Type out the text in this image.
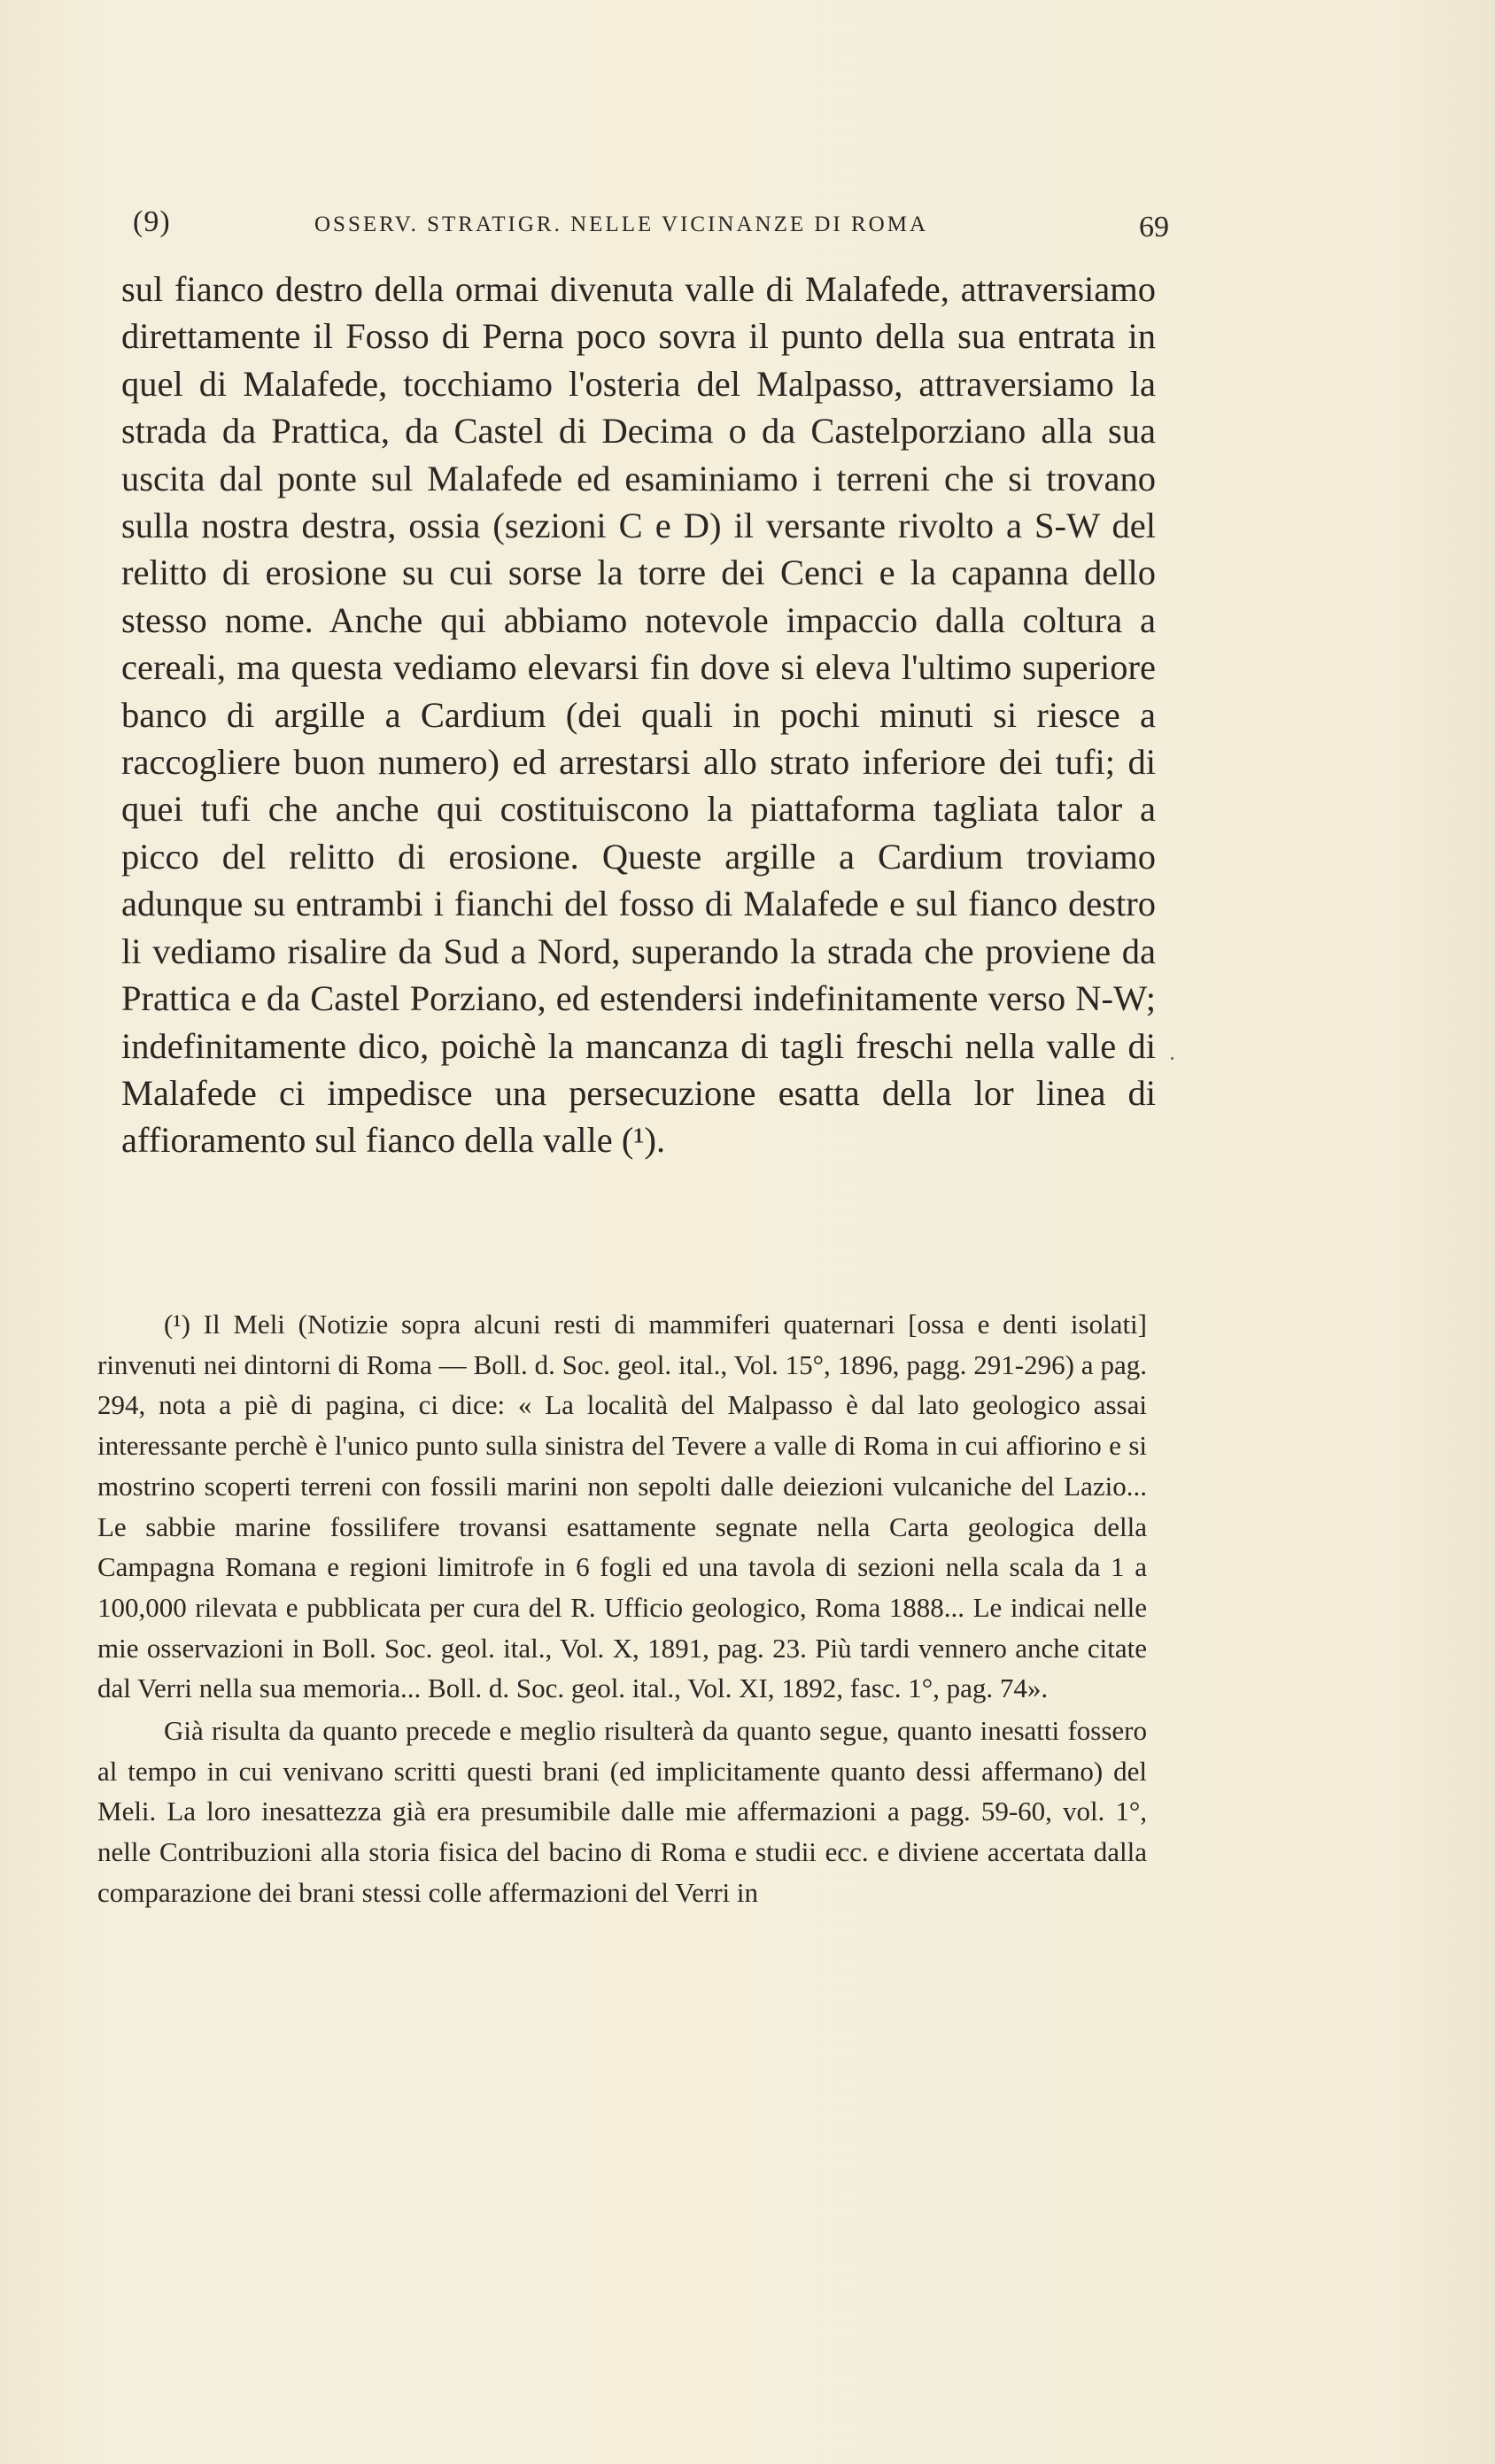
(9)	OSSERV. STRATIGR. NELLE VICINANZE DI ROMA	69

sul fianco destro della ormai divenuta valle di Malafede, attraversiamo direttamente il Fosso di Perna poco sovra il punto della sua entrata in quel di Malafede, tocchiamo l'osteria del Malpasso, attraversiamo la strada da Prattica, da Castel di Decima o da Castelporziano alla sua uscita dal ponte sul Malafede ed esaminiamo i terreni che si trovano sulla nostra destra, ossia (sezioni C e D) il versante rivolto a S-W del relitto di erosione su cui sorse la torre dei Cenci e la capanna dello stesso nome. Anche qui abbiamo notevole impaccio dalla coltura a cereali, ma questa vediamo elevarsi fin dove si eleva l'ultimo superiore banco di argille a Cardium (dei quali in pochi minuti si riesce a raccogliere buon numero) ed arrestarsi allo strato inferiore dei tufi; di quei tufi che anche qui costituiscono la piattaforma tagliata talor a picco del relitto di erosione. Queste argille a Cardium troviamo adunque su entrambi i fianchi del fosso di Malafede e sul fianco destro li vediamo risalire da Sud a Nord, superando la strada che proviene da Prattica e da Castel Porziano, ed estendersi indefinitamente verso N-W; indefinitamente dico, poichè la mancanza di tagli freschi nella valle di Malafede ci impedisce una persecuzione esatta della lor linea di affioramento sul fianco della valle (¹).

(¹) Il Meli (Notizie sopra alcuni resti di mammiferi quaternari [ossa e denti isolati] rinvenuti nei dintorni di Roma — Boll. d. Soc. geol. ital., Vol. 15°, 1896, pagg. 291-296) a pag. 294, nota a piè di pagina, ci dice: « La località del Malpasso è dal lato geologico assai interessante perchè è l'unico punto sulla sinistra del Tevere a valle di Roma in cui affiorino e si mostrino scoperti terreni con fossili marini non sepolti dalle deiezioni vulcaniche del Lazio... Le sabbie marine fossilifere trovansi esattamente segnate nella Carta geologica della Campagna Romana e regioni limitrofe in 6 fogli ed una tavola di sezioni nella scala da 1 a 100,000 rilevata e pubblicata per cura del R. Ufficio geologico, Roma 1888... Le indicai nelle mie osservazioni in Boll. Soc. geol. ital., Vol. X, 1891, pag. 23. Più tardi vennero anche citate dal Verri nella sua memoria... Boll. d. Soc. geol. ital., Vol. XI, 1892, fasc. 1°, pag. 74».

Già risulta da quanto precede e meglio risulterà da quanto segue, quanto inesatti fossero al tempo in cui venivano scritti questi brani (ed implicitamente quanto dessi affermano) del Meli. La loro inesattezza già era presumibile dalle mie affermazioni a pagg. 59-60, vol. 1°, nelle Contribuzioni alla storia fisica del bacino di Roma e studii ecc. e diviene accertata dalla comparazione dei brani stessi colle affermazioni del Verri in
